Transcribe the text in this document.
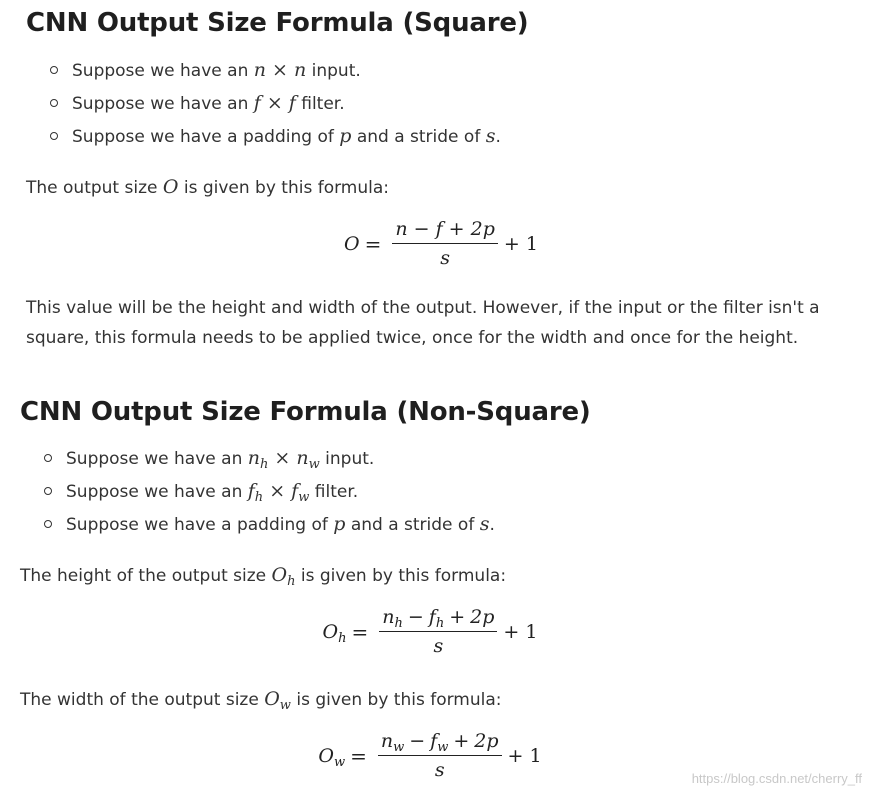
CNN Output Size Formula (Square)
Suppose we have an n × n input.
Suppose we have an f × f filter.
Suppose we have a padding of p and a stride of s.

The output size O is given by this formula:

$O = \frac{n - f + 2p}{s} + 1$

This value will be the height and width of the output. However, if the input or the filter isn't a square, this formula needs to be applied twice, once for the width and once for the height.

CNN Output Size Formula (Non-Square)
Suppose we have an $n_h \times n_w$ input.
Suppose we have an $f_h \times f_w$ filter.
Suppose we have a padding of p and a stride of s.

The height of the output size $O_h$ is given by this formula:

The width of the output size $O_w$ is given by this formula:

$O_h = \frac{n_h - f_h + 2p}{s} + 1$
$O_w = \frac{n_w - f_w + 2p}{s} + 1$
https://blog.csdn.net/cherry_ff
